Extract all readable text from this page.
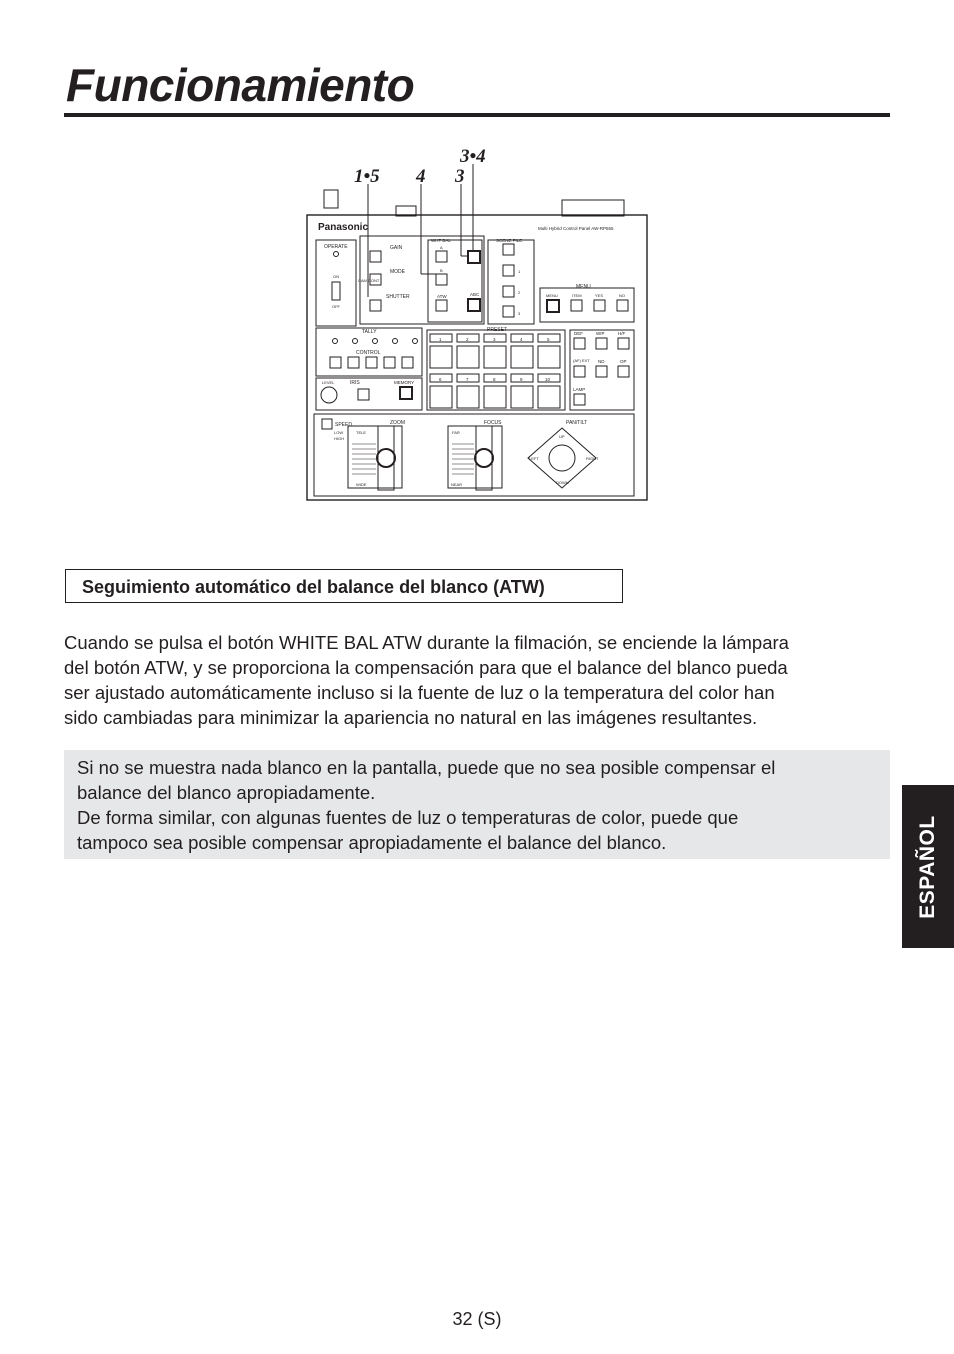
Funcionamiento
1•5 4 3
3•4
Panasonic	Multi Hybrid Control Panel AW-RP555
OPERATE
ON
OFF
CAM CONT
GAIN
MODE
SHUTTER
WHT BAL
A
B
ATW	ABC
SCENE FILE
1
2
3
MENU
MENU	ITEM	YES	NO
TALLY
CONTROL
PRESET
1	2	3	4	5
6	7	8	9	10
DEF	WIP	H/F
(AF) EXT ND	OP
LAMP
LEVEL	IRIS	MEMORY
SPEED
LOW
HIGH
ZOOM
TELE
WIDE
FOCUS
FAR
NEAR
PAN/TILT
UP
DOWN
LEFT	RIGHT
Seguimiento automático del balance del blanco (ATW)
Cuando se pulsa el botón WHITE BAL ATW durante la filmación, se enciende la lámpara
del botón ATW, y se proporciona la compensación para que el balance del blanco pueda
ser ajustado automáticamente incluso si la fuente de luz o la temperatura del color han
sido cambiadas para minimizar la apariencia no natural en las imágenes resultantes.
Si no se muestra nada blanco en la pantalla, puede que no sea posible compensar el
balance del blanco apropiadamente.
De forma similar, con algunas fuentes de luz o temperaturas de color, puede que
tampoco sea posible compensar apropiadamente el balance del blanco.	ESPAÑOL
32 (S)
